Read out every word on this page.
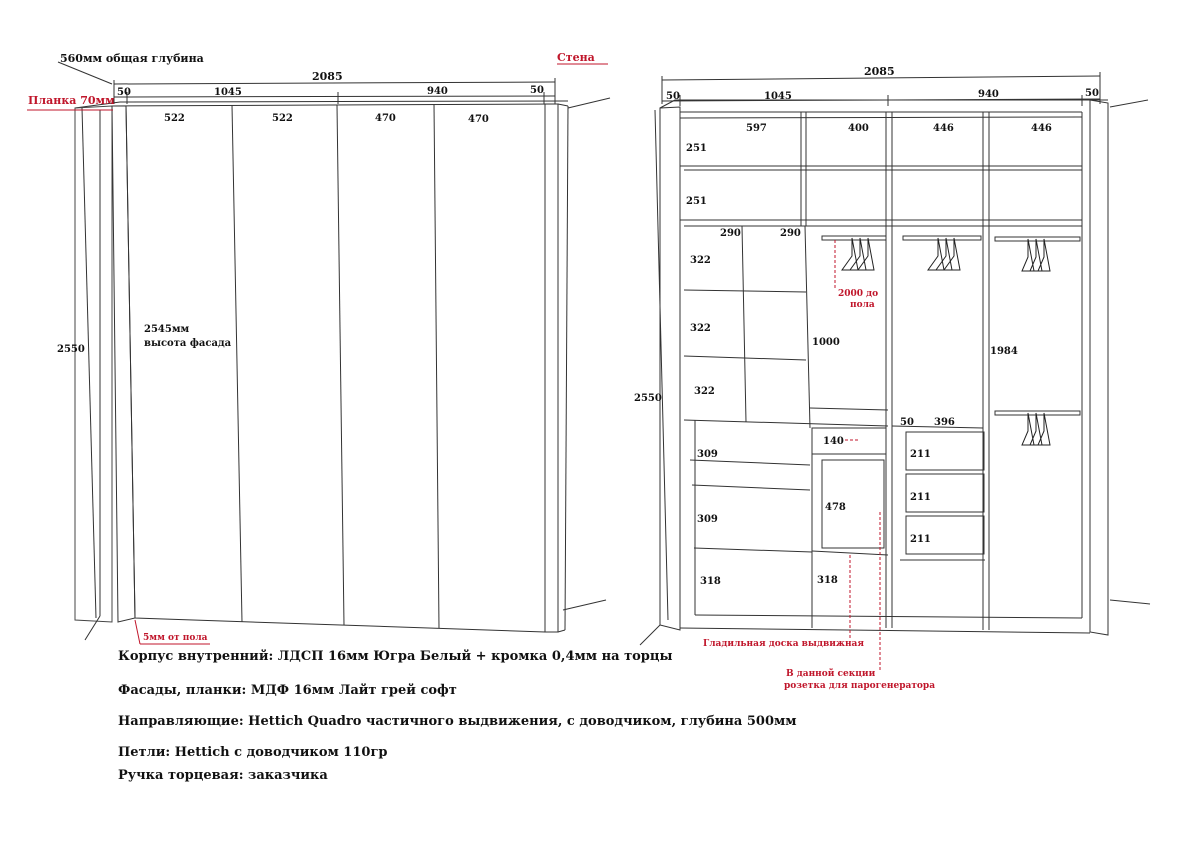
560мм общая глубина	Стена
Планка 70мм
2085
50	1045	940	50
522	522	470	470
2550
2545мм
высота фасада
5мм от пола
2085
50	1045	940	50
597	400	446	446
2550
251
251
290	290
322
322
322
309
309
318
1000
140
478
318
2000 до
пола
50 396
211
211
211
1984
Гладильная доска выдвижная
В данной секции
розетка для парогенератора
Корпус внутренний: ЛДСП 16мм Югра Белый + кромка 0,4мм на торцы
Фасады, планки: МДФ 16мм Лайт грей софт
Направляющие: Hettich Quadro частичного выдвижения, с доводчиком, глубина 500мм
Петли: Hettich с доводчиком 110гр
Ручка торцевая: заказчика
